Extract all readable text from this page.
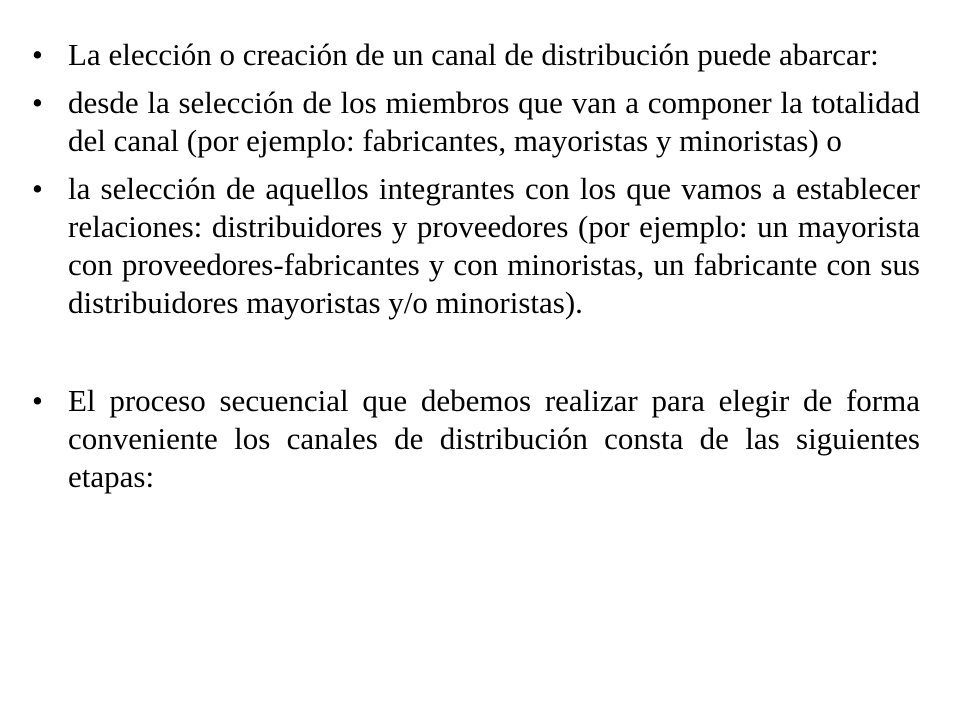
• La elección o creación de un canal de distribución puede abarcar:
• desde la selección de los miembros que van a componer la totalidad del canal (por ejemplo: fabricantes, mayoristas y minoristas) o
• la selección de aquellos integrantes con los que vamos a establecer relaciones: distribuidores y proveedores (por ejemplo: un mayorista con proveedores-fabricantes y con minoristas, un fabricante con sus distribuidores mayoristas y/o minoristas).
• El proceso secuencial que debemos realizar para elegir de forma conveniente los canales de distribución consta de las siguientes etapas:
